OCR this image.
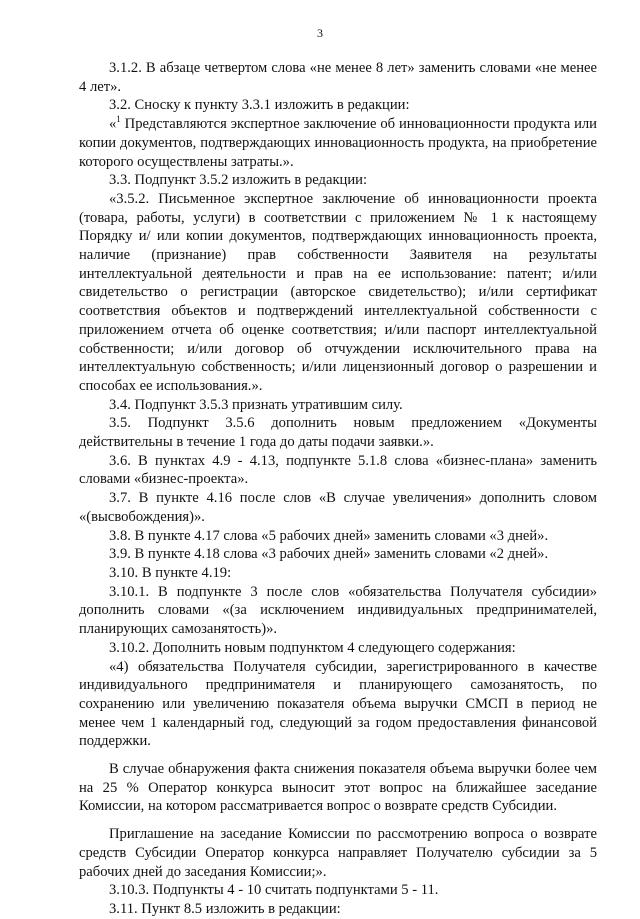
3

3.1.2. В абзаце четвертом слова «не менее 8 лет» заменить словами «не менее 4 лет».

3.2. Сноску к пункту 3.3.1 изложить в редакции:

«$^1$ Представляются экспертное заключение об инновационности продукта или копии документов, подтверждающих инновационность продукта, на приобретение которого осуществлены затраты.».

3.3. Подпункт 3.5.2 изложить в редакции:

«3.5.2. Письменное экспертное заключение об инновационности проекта (товара, работы, услуги) в соответствии с приложением № 1 к настоящему Порядку и/ или копии документов, подтверждающих инновационность проекта, наличие (признание) прав собственности Заявителя на результаты интеллектуальной деятельности и прав на ее использование: патент; и/или свидетельство о регистрации (авторское свидетельство); и/или сертификат соответствия объектов и подтверждений интеллектуальной собственности с приложением отчета об оценке соответствия; и/или паспорт интеллектуальной собственности; и/или договор об отчуждении исключительного права на интеллектуальную собственность; и/или лицензионный договор о разрешении и способах ее использования.».

3.4. Подпункт 3.5.3 признать утратившим силу.

3.5. Подпункт 3.5.6 дополнить новым предложением «Документы действительны в течение 1 года до даты подачи заявки.».

3.6. В пунктах 4.9 - 4.13, подпункте 5.1.8 слова «бизнес-плана» заменить словами «бизнес-проекта».

3.7. В пункте 4.16 после слов «В случае увеличения» дополнить словом «(высвобождения)».

3.8. В пункте 4.17 слова «5 рабочих дней» заменить словами «3 дней».

3.9. В пункте 4.18 слова «3 рабочих дней» заменить словами «2 дней».

3.10. В пункте 4.19:

3.10.1. В подпункте 3 после слов «обязательства Получателя субсидии» дополнить словами «(за исключением индивидуальных предпринимателей, планирующих самозанятость)».

3.10.2. Дополнить новым подпунктом 4 следующего содержания:

«4) обязательства Получателя субсидии, зарегистрированного в качестве индивидуального предпринимателя и планирующего самозанятость, по сохранению или увеличению показателя объема выручки СМСП в период не менее чем 1 календарный год, следующий за годом предоставления финансовой поддержки.

В случае обнаружения факта снижения показателя объема выручки более чем на 25 % Оператор конкурса выносит этот вопрос на ближайшее заседание Комиссии, на котором рассматривается вопрос о возврате средств Субсидии.

Приглашение на заседание Комиссии по рассмотрению вопроса о возврате средств Субсидии Оператор конкурса направляет Получателю субсидии за 5 рабочих дней до заседания Комиссии;».

3.10.3. Подпункты 4 - 10 считать подпунктами 5 - 11.

3.11. Пункт 8.5 изложить в редакции:
